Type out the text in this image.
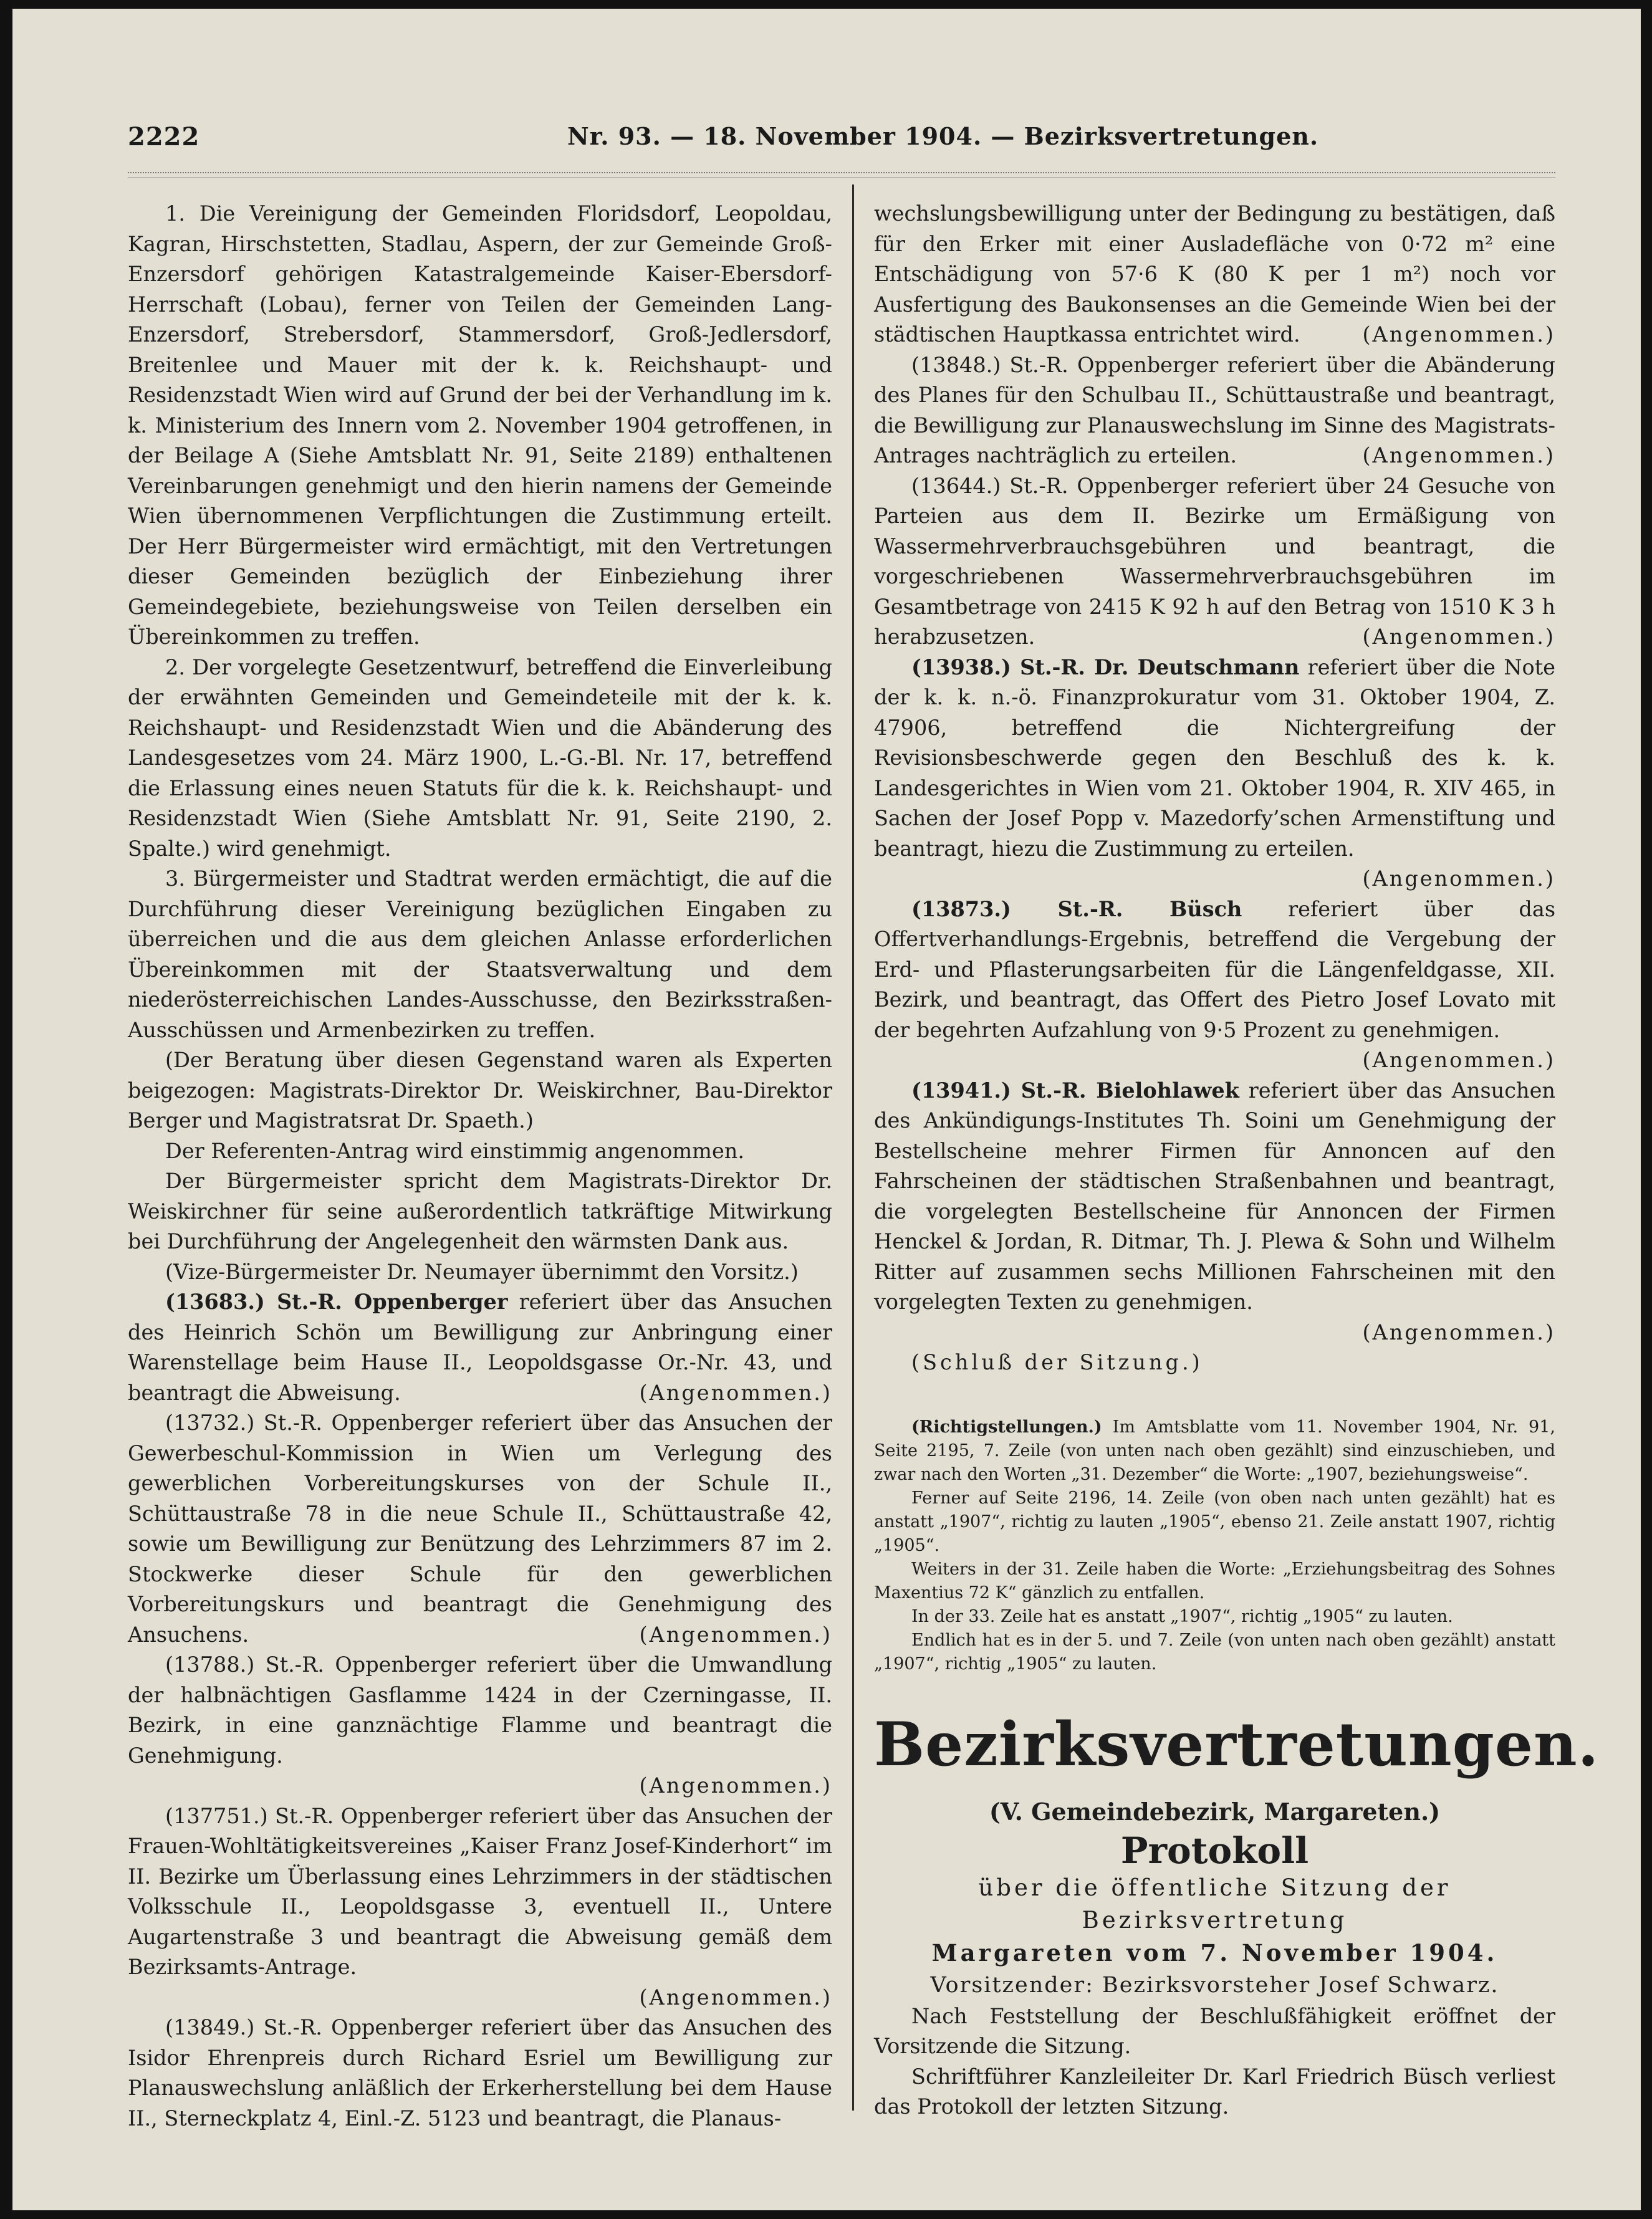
2222	Nr. 93. — 18. November 1904. — Bezirksvertretungen.

1. Die Vereinigung der Gemeinden Floridsdorf, Leopoldau, Kagran, Hirschstetten, Stadlau, Aspern, der zur Gemeinde Groß-Enzersdorf gehörigen Katastralgemeinde Kaiser-Ebersdorf-Herrschaft (Lobau), ferner von Teilen der Gemeinden Lang-Enzersdorf, Strebersdorf, Stammersdorf, Groß-Jedlersdorf, Breitenlee und Mauer mit der k. k. Reichshaupt- und Residenzstadt Wien wird auf Grund der bei der Verhandlung im k. k. Ministerium des Innern vom 2. November 1904 getroffenen, in der Beilage A (Siehe Amtsblatt Nr. 91, Seite 2189) enthaltenen Vereinbarungen genehmigt und den hierin namens der Gemeinde Wien übernommenen Verpflichtungen die Zustimmung erteilt. Der Herr Bürgermeister wird ermächtigt, mit den Vertretungen dieser Gemeinden bezüglich der Einbeziehung ihrer Gemeindegebiete, beziehungsweise von Teilen derselben ein Übereinkommen zu treffen.

2. Der vorgelegte Gesetzentwurf, betreffend die Einverleibung der erwähnten Gemeinden und Gemeindeteile mit der k. k. Reichshaupt- und Residenzstadt Wien und die Abänderung des Landesgesetzes vom 24. März 1900, L.-G.-Bl. Nr. 17, betreffend die Erlassung eines neuen Statuts für die k. k. Reichshaupt- und Residenzstadt Wien (Siehe Amtsblatt Nr. 91, Seite 2190, 2. Spalte.) wird genehmigt.

3. Bürgermeister und Stadtrat werden ermächtigt, die auf die Durchführung dieser Vereinigung bezüglichen Eingaben zu überreichen und die aus dem gleichen Anlasse erforderlichen Übereinkommen mit der Staatsverwaltung und dem niederösterreichischen Landes-Ausschusse, den Bezirksstraßen-Ausschüssen und Armenbezirken zu treffen.

(Der Beratung über diesen Gegenstand waren als Experten beigezogen: Magistrats-Direktor Dr. Weiskirchner, Bau-Direktor Berger und Magistratsrat Dr. Spaeth.)

Der Referenten-Antrag wird einstimmig angenommen.

Der Bürgermeister spricht dem Magistrats-Direktor Dr. Weiskirchner für seine außerordentlich tatkräftige Mitwirkung bei Durchführung der Angelegenheit den wärmsten Dank aus.

(Vize-Bürgermeister Dr. Neumayer übernimmt den Vorsitz.)

(13683.) St.-R. Oppenberger referiert über das Ansuchen des Heinrich Schön um Bewilligung zur Anbringung einer Warenstellage beim Hause II., Leopoldsgasse Or.-Nr. 43, und beantragt die Abweisung.	(Angenommen.)

(13732.) St.-R. Oppenberger referiert über das Ansuchen der Gewerbeschul-Kommission in Wien um Verlegung des gewerblichen Vorbereitungskurses von der Schule II., Schüttaustraße 78 in die neue Schule II., Schüttaustraße 42, sowie um Bewilligung zur Benützung des Lehrzimmers 87 im 2. Stockwerke dieser Schule für den gewerblichen Vorbereitungskurs und beantragt die Genehmigung des Ansuchens.	(Angenommen.)

(13788.) St.-R. Oppenberger referiert über die Umwandlung der halbnächtigen Gasflamme 1424 in der Czerningasse, II. Bezirk, in eine ganznächtige Flamme und beantragt die Genehmigung.
(Angenommen.)

(137751.) St.-R. Oppenberger referiert über das Ansuchen der Frauen-Wohltätigkeitsvereines „Kaiser Franz Josef-Kinderhort“ im II. Bezirke um Überlassung eines Lehrzimmers in der städtischen Volksschule II., Leopoldsgasse 3, eventuell II., Untere Augartenstraße 3 und beantragt die Abweisung gemäß dem Bezirksamts-Antrage.
(Angenommen.)

(13849.) St.-R. Oppenberger referiert über das Ansuchen des Isidor Ehrenpreis durch Richard Esriel um Bewilligung zur Planauswechslung anläßlich der Erkerherstellung bei dem Hause II., Sterneckplatz 4, Einl.-Z. 5123 und beantragt, die Planaus-

wechslungsbewilligung unter der Bedingung zu bestätigen, daß für den Erker mit einer Ausladefläche von 0·72 m² eine Entschädigung von 57·6 K (80 K per 1 m²) noch vor Ausfertigung des Baukonsenses an die Gemeinde Wien bei der städtischen Hauptkassa entrichtet wird.	(Angenommen.)

(13848.) St.-R. Oppenberger referiert über die Abänderung des Planes für den Schulbau II., Schüttaustraße und beantragt, die Bewilligung zur Planauswechslung im Sinne des Magistrats-Antrages nachträglich zu erteilen.	(Angenommen.)

(13644.) St.-R. Oppenberger referiert über 24 Gesuche von Parteien aus dem II. Bezirke um Ermäßigung von Wassermehrverbrauchsgebühren und beantragt, die vorgeschriebenen Wassermehrverbrauchsgebühren im Gesamtbetrage von 2415 K 92 h auf den Betrag von 1510 K 3 h herabzusetzen.	(Angenommen.)

(13938.) St.-R. Dr. Deutschmann referiert über die Note der k. k. n.-ö. Finanzprokuratur vom 31. Oktober 1904, Z. 47906, betreffend die Nichtergreifung der Revisionsbeschwerde gegen den Beschluß des k. k. Landesgerichtes in Wien vom 21. Oktober 1904, R. XIV 465, in Sachen der Josef Popp v. Mazedorfy’schen Armenstiftung und beantragt, hiezu die Zustimmung zu erteilen.
(Angenommen.)

(13873.) St.-R. Büsch referiert über das Offertverhandlungs-Ergebnis, betreffend die Vergebung der Erd- und Pflasterungsarbeiten für die Längenfeldgasse, XII. Bezirk, und beantragt, das Offert des Pietro Josef Lovato mit der begehrten Aufzahlung von 9·5 Prozent zu genehmigen.
(Angenommen.)

(13941.) St.-R. Bielohlawek referiert über das Ansuchen des Ankündigungs-Institutes Th. Soini um Genehmigung der Bestellscheine mehrer Firmen für Annoncen auf den Fahrscheinen der städtischen Straßenbahnen und beantragt, die vorgelegten Bestellscheine für Annoncen der Firmen Henckel & Jordan, R. Ditmar, Th. J. Plewa & Sohn und Wilhelm Ritter auf zusammen sechs Millionen Fahrscheinen mit den vorgelegten Texten zu genehmigen.
(Angenommen.)

(Schluß der Sitzung.)

(Richtigstellungen.) Im Amtsblatte vom 11. November 1904, Nr. 91, Seite 2195, 7. Zeile (von unten nach oben gezählt) sind einzuschieben, und zwar nach den Worten „31. Dezember“ die Worte: „1907, beziehungsweise“.

Ferner auf Seite 2196, 14. Zeile (von oben nach unten gezählt) hat es anstatt „1907“, richtig zu lauten „1905“, ebenso 21. Zeile anstatt 1907, richtig „1905“.

Weiters in der 31. Zeile haben die Worte: „Erziehungsbeitrag des Sohnes Maxentius 72 K“ gänzlich zu entfallen.

In der 33. Zeile hat es anstatt „1907“, richtig „1905“ zu lauten.

Endlich hat es in der 5. und 7. Zeile (von unten nach oben gezählt) anstatt „1907“, richtig „1905“ zu lauten.

Bezirksvertretungen.

(V. Gemeindebezirk, Margareten.)

Protokoll

über die öffentliche Sitzung der Bezirksvertretung

Margareten vom 7. November 1904.

Vorsitzender: Bezirksvorsteher Josef Schwarz.

Nach Feststellung der Beschlußfähigkeit eröffnet der Vorsitzende die Sitzung.

Schriftführer Kanzleileiter Dr. Karl Friedrich Büsch verliest das Protokoll der letzten Sitzung.
